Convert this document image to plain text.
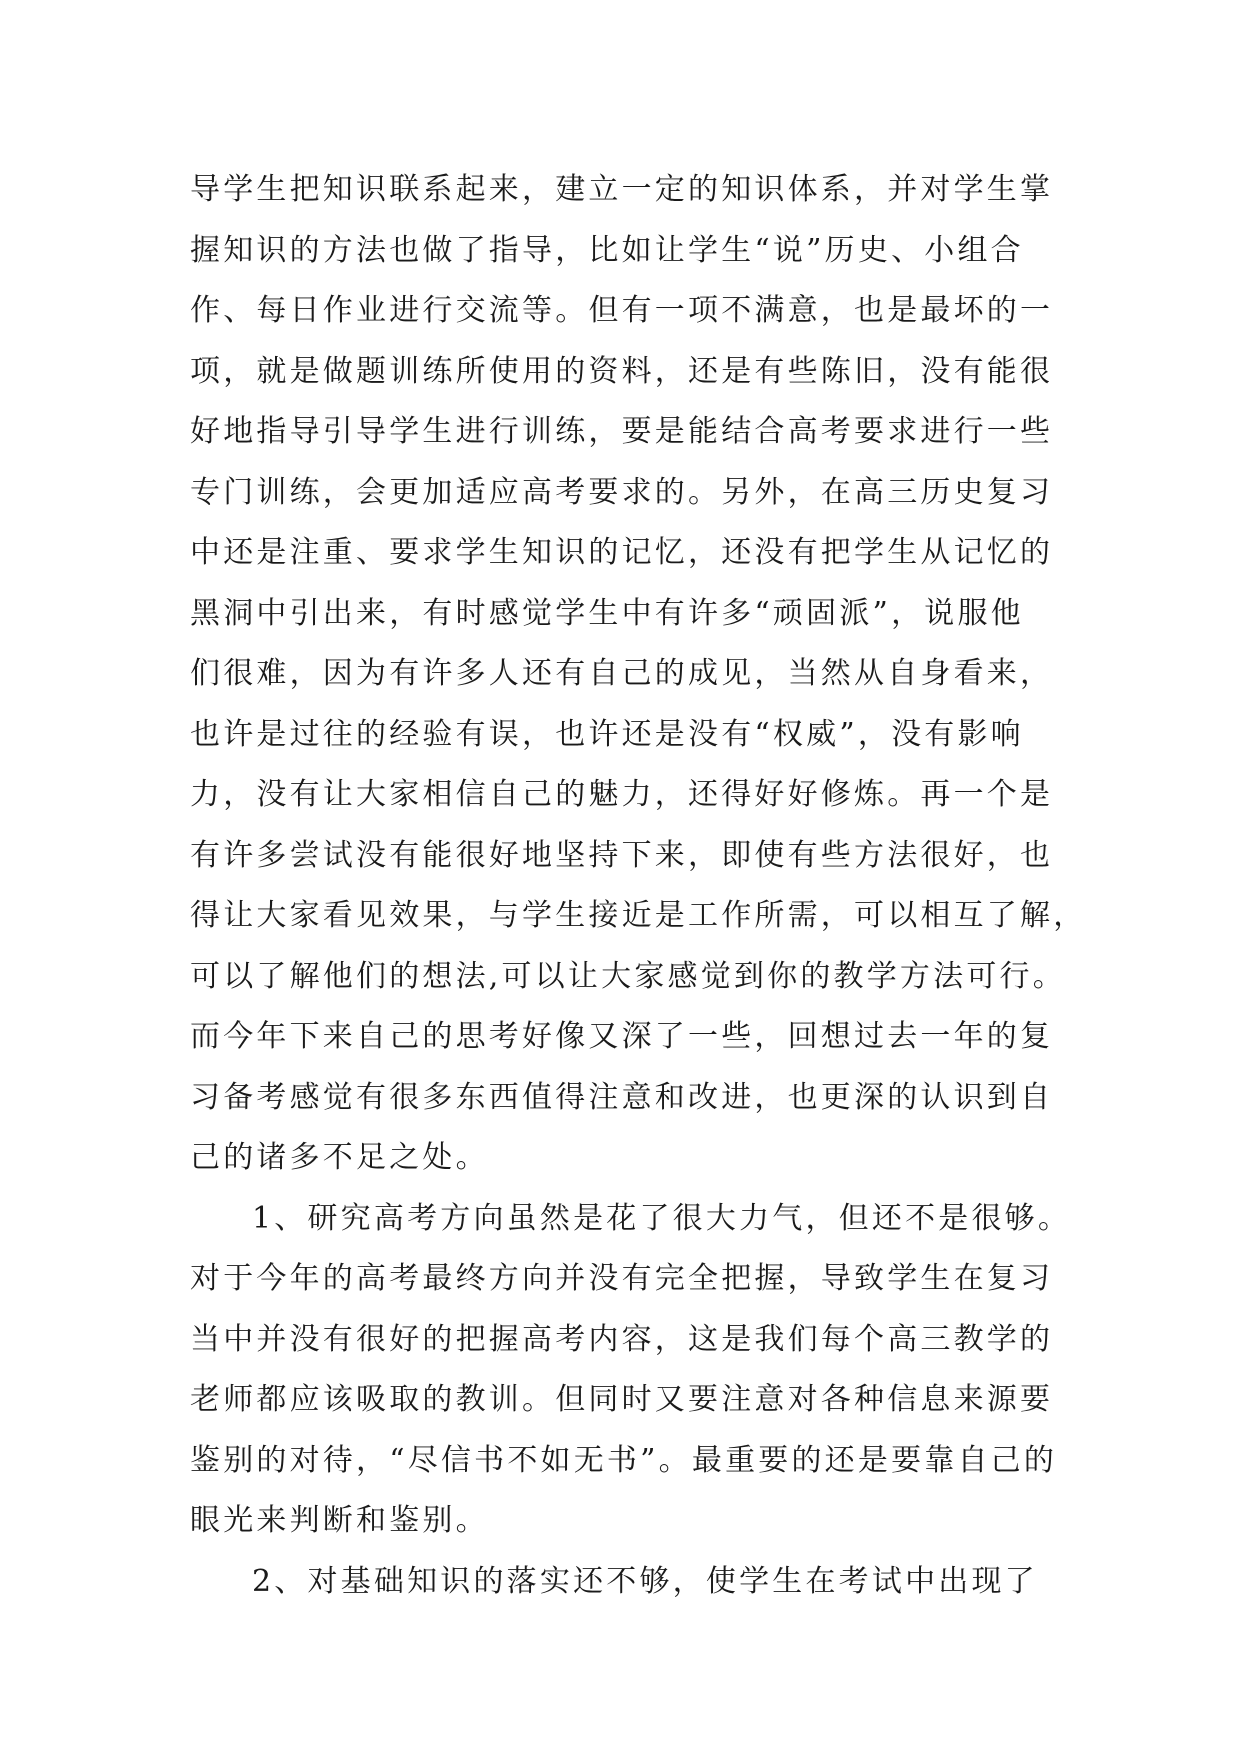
导学生把知识联系起来，建立一定的知识体系，并对学生掌
握知识的方法也做了指导，比如让学生“说”历史、小组合
作、每日作业进行交流等。但有一项不满意，也是最坏的一
项，就是做题训练所使用的资料，还是有些陈旧，没有能很
好地指导引导学生进行训练，要是能结合高考要求进行一些
专门训练，会更加适应高考要求的。另外，在高三历史复习
中还是注重、要求学生知识的记忆，还没有把学生从记忆的
黑洞中引出来，有时感觉学生中有许多“顽固派”，说服他
们很难，因为有许多人还有自己的成见，当然从自身看来，
也许是过往的经验有误，也许还是没有“权威”，没有影响
力，没有让大家相信自己的魅力，还得好好修炼。再一个是
有许多尝试没有能很好地坚持下来，即使有些方法很好，也
得让大家看见效果，与学生接近是工作所需，可以相互了解，
可以了解他们的想法,可以让大家感觉到你的教学方法可行。
而今年下来自己的思考好像又深了一些，回想过去一年的复
习备考感觉有很多东西值得注意和改进，也更深的认识到自
己的诸多不足之处。
1、研究高考方向虽然是花了很大力气，但还不是很够。
对于今年的高考最终方向并没有完全把握，导致学生在复习
当中并没有很好的把握高考内容，这是我们每个高三教学的
老师都应该吸取的教训。但同时又要注意对各种信息来源要
鉴别的对待，“尽信书不如无书”。最重要的还是要靠自己的
眼光来判断和鉴别。
2、对基础知识的落实还不够，使学生在考试中出现了
